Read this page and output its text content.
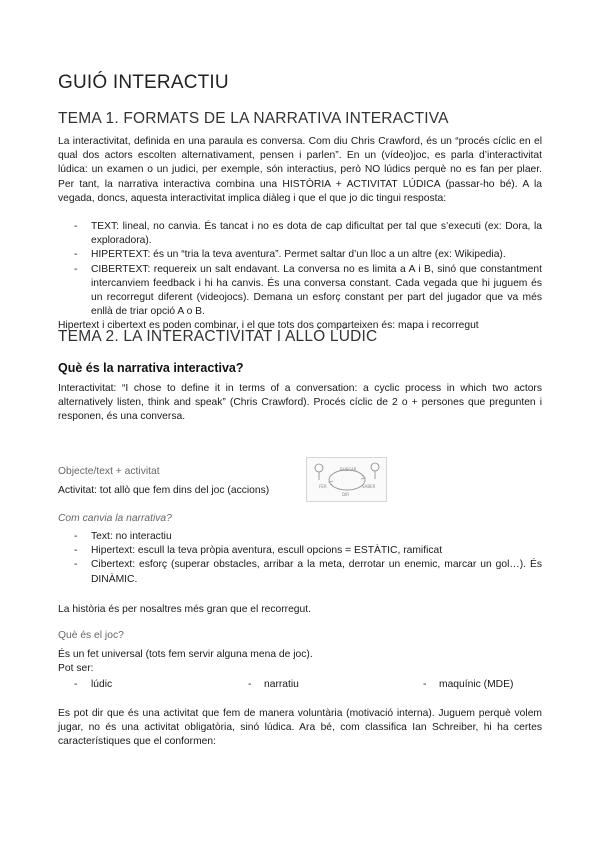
GUIÓ INTERACTIU
TEMA 1. FORMATS DE LA NARRATIVA INTERACTIVA
La interactivitat, definida en una paraula es conversa. Com diu Chris Crawford, és un “procés cíclic en el qual dos actors escolten alternativament, pensen i parlen”. En un (vídeo)joc, es parla d’interactivitat lúdica: un examen o un judici, per exemple, són interactius, però NO lúdics perquè no es fan per plaer. Per tant, la narrativa interactiva combina una HISTÒRIA + ACTIVITAT LÚDICA (passar-ho bé). A la vegada, doncs, aquesta interactivitat implica diàleg i que el que jo dic tingui resposta:
- TEXT: lineal, no canvia. És tancat i no es dota de cap dificultat per tal que s’executi (ex: Dora, la exploradora).
- HIPERTEXT: és un “tria la teva aventura”. Permet saltar d’un lloc a un altre (ex: Wikipedia).
- CIBERTEXT: requereix un salt endavant. La conversa no es limita a A i B, sinó que constantment intercanviem feedback i hi ha canvis. És una conversa constant. Cada vegada que hi juguem és un recorregut diferent (videojocs). Demana un esforç constant per part del jugador que va més enllà de triar opció A o B.
Hipertext i cibertext es poden combinar, i el que tots dos comparteixen és: mapa i recorregut
TEMA 2. LA INTERACTIVITAT I ALLÒ LÚDIC
Què és la narrativa interactiva?
Interactivitat: “I chose to define it in terms of a conversation: a cyclic process in which two actors alternatively listen, think and speak” (Chris Crawford). Procés cíclic de 2 o + persones que pregunten i responen, és una conversa.
Objecte/text + activitat
Activitat: tot allò que fem dins del joc (accions)
BUSCAR
FER	SABER
DIR
Com canvia la narrativa?
- Text: no interactiu
- Hipertext: escull la teva pròpia aventura, escull opcions = ESTÀTIC, ramificat
- Cibertext: esforç (superar obstacles, arribar a la meta, derrotar un enemic, marcar un gol…). És DINÀMIC.
La història és per nosaltres més gran que el recorregut.
Què és el joc?
És un fet universal (tots fem servir alguna mena de joc).
Pot ser:
- lúdic	- narratiu	- maquínic (MDE)
Es pot dir que és una activitat que fem de manera voluntària (motivació interna). Juguem perquè volem jugar, no és una activitat obligatòria, sinó lúdica. Ara bé, com classifica Ian Schreiber, hi ha certes característiques que el conformen:
